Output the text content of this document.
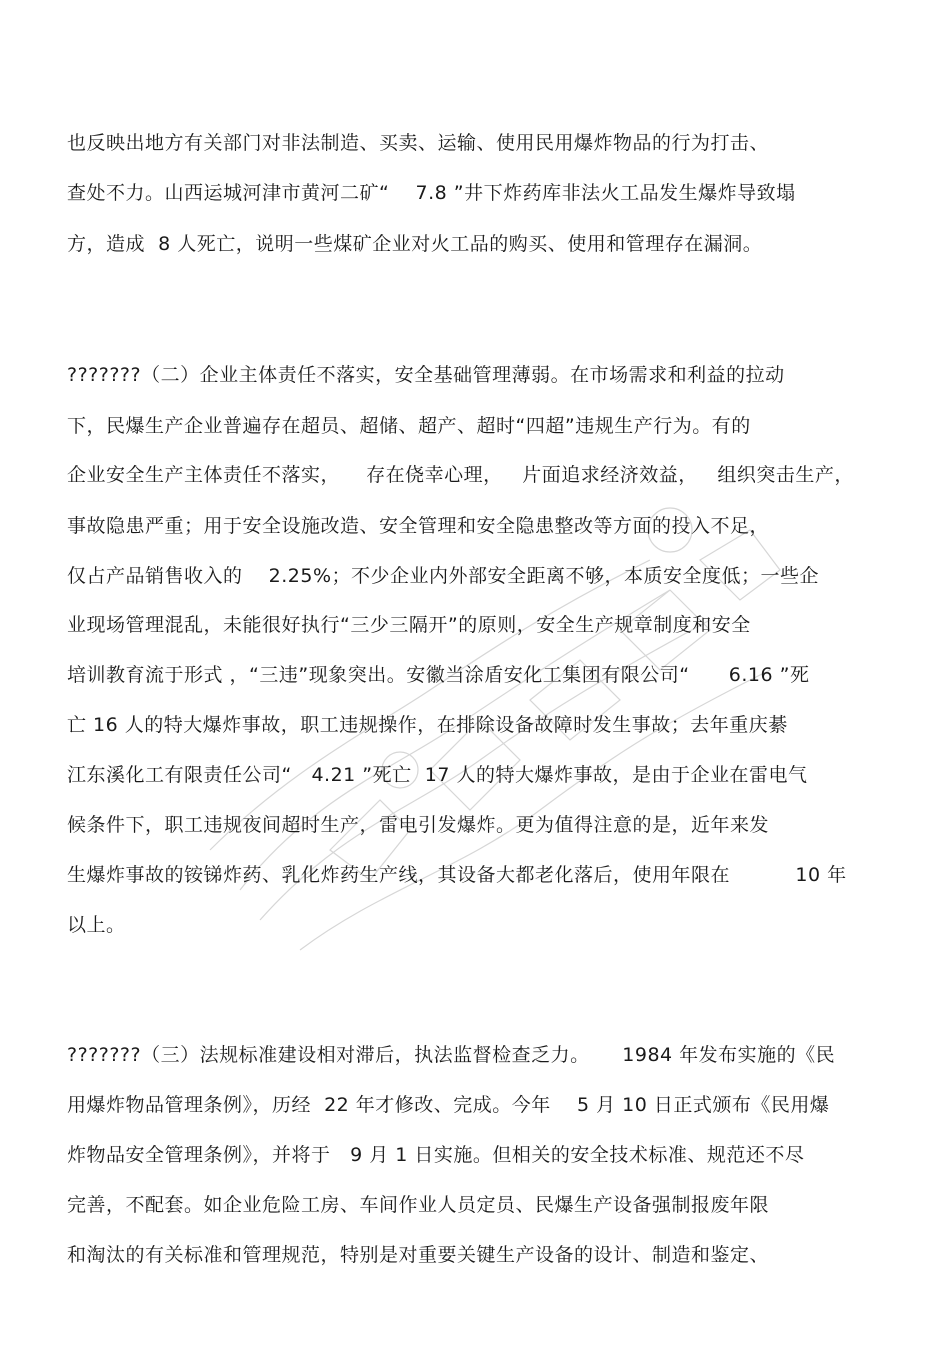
也反映出地方有关部门对非法制造、买卖、运输、使用民用爆炸物品的行为打击、
查处不力。山西运城河津市黄河二矿“    7.8 ”井下炸药库非法火工品发生爆炸导致塌
方，造成  8 人死亡，说明一些煤矿企业对火工品的购买、使用和管理存在漏洞。
???????（二）企业主体责任不落实，安全基础管理薄弱。在市场需求和利益的拉动
下，民爆生产企业普遍存在超员、超储、超产、超时“四超”违规生产行为。有的
企业安全生产主体责任不落实，    存在侥幸心理，   片面追求经济效益，   组织突击生产，
事故隐患严重；用于安全设施改造、安全管理和安全隐患整改等方面的投入不足，
仅占产品销售收入的    2.25%；不少企业内外部安全距离不够，本质安全度低；一些企
业现场管理混乱，未能很好执行“三少三隔开”的原则，安全生产规章制度和安全
培训教育流于形式 ，“三违”现象突出。安徽当涂盾安化工集团有限公司“      6.16 ”死
亡 16 人的特大爆炸事故，职工违规操作，在排除设备故障时发生事故；去年重庆綦
江东溪化工有限责任公司“   4.21 ”死亡  17 人的特大爆炸事故，是由于企业在雷电气
候条件下，职工违规夜间超时生产，雷电引发爆炸。更为值得注意的是，近年来发
生爆炸事故的铵锑炸药、乳化炸药生产线，其设备大都老化落后，使用年限在          10 年
以上。
???????（三）法规标准建设相对滞后，执法监督检查乏力。     1984 年发布实施的《民
用爆炸物品管理条例》，历经  22 年才修改、完成。今年    5 月 10 日正式颁布《民用爆
炸物品安全管理条例》，并将于   9 月 1 日实施。但相关的安全技术标准、规范还不尽
完善，不配套。如企业危险工房、车间作业人员定员、民爆生产设备强制报废年限
和淘汰的有关标准和管理规范，特别是对重要关键生产设备的设计、制造和鉴定、
